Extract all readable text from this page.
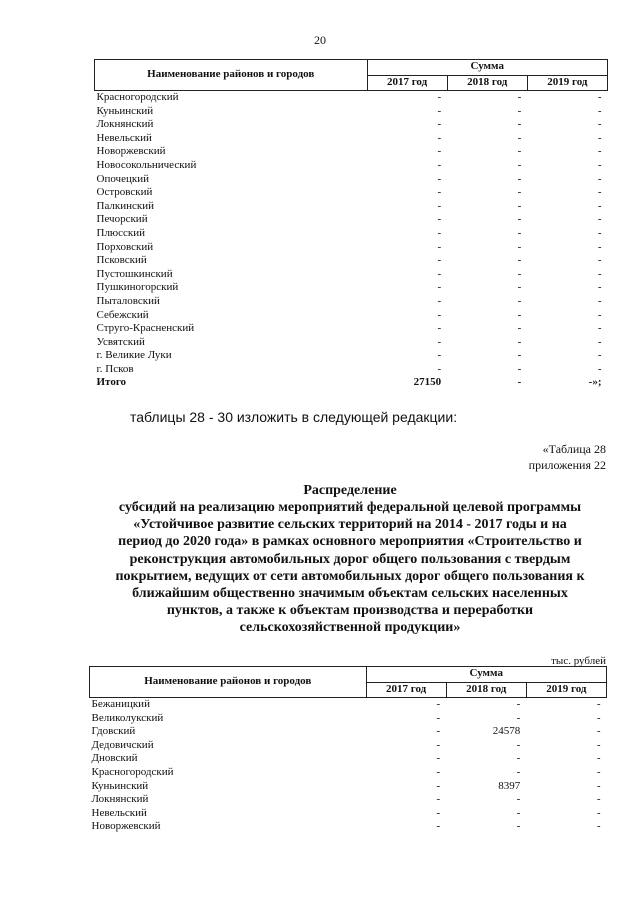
20
Наименование районов и городов	Сумма		
	2017 год	2018 год	2019 год
Красногородский	-	-	-
Куньинский	-	-	-
Локнянский	-	-	-
Невельский	-	-	-
Новоржевский	-	-	-
Новосокольнический	-	-	-
Опочецкий	-	-	-
Островский	-	-	-
Палкинский	-	-	-
Печорский	-	-	-
Плюсский	-	-	-
Порховский	-	-	-
Псковский	-	-	-
Пустошкинский	-	-	-
Пушкиногорский	-	-	-
Пыталовский	-	-	-
Себежский	-	-	-
Струго-Красненский	-	-	-
Усвятский	-	-	-
г. Великие Луки	-	-	-
г. Псков	-	-	-
Итого	27150	-	-»;
таблицы 28 - 30 изложить в следующей редакции:
«Таблица 28
приложения 22
Распределение
субсидий на реализацию мероприятий федеральной целевой программы
«Устойчивое развитие сельских территорий на 2014 - 2017 годы и на
период до 2020 года» в рамках основного мероприятия «Строительство и
реконструкция автомобильных дорог общего пользования с твердым
покрытием, ведущих от сети автомобильных дорог общего пользования к
ближайшим общественно значимым объектам сельских населенных
пунктов, а также к объектам производства и переработки
сельскохозяйственной продукции»
тыс. рублей
Наименование районов и городов	Сумма		
	2017 год	2018 год	2019 год
Бежаницкий	-	-	-
Великолукский	-	-	-
Гдовский	-	24578	-
Дедовичский	-	-	-
Дновский	-	-	-
Красногородский	-	-	-
Куньинский	-	8397	-
Локнянский	-	-	-
Невельский	-	-	-
Новоржевский	-	-	-
